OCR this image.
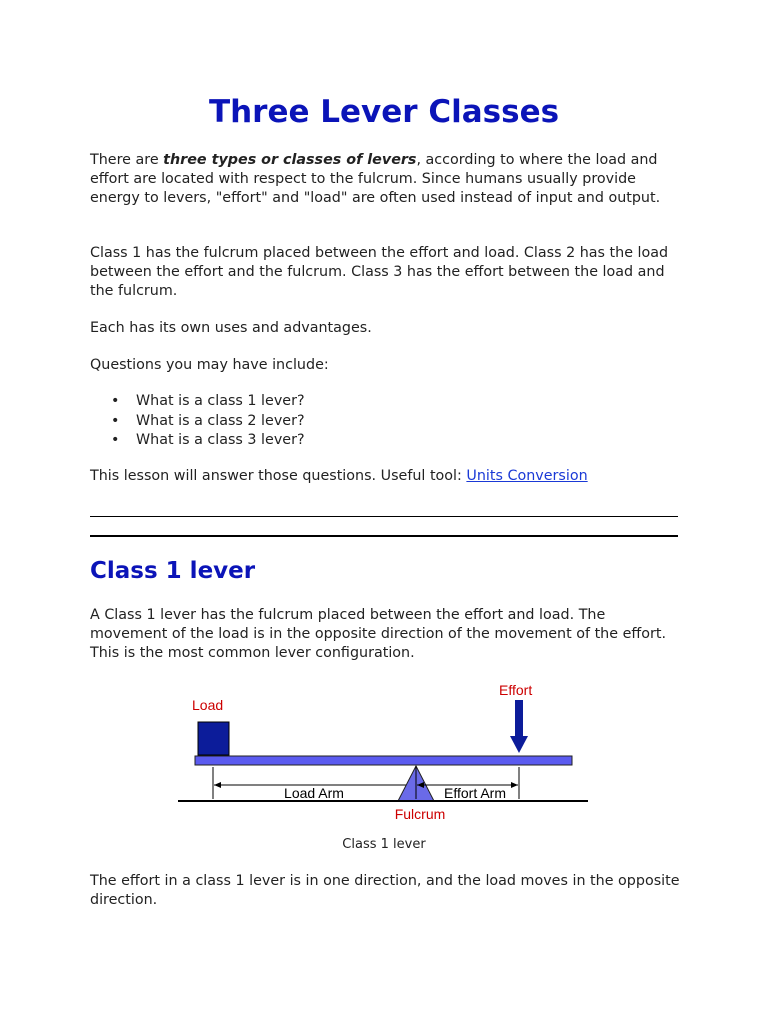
Three Lever Classes

There are three types or classes of levers, according to where the load and effort are located with respect to the fulcrum. Since humans usually provide energy to levers, "effort" and "load" are often used instead of input and output.

Class 1 has the fulcrum placed between the effort and load. Class 2 has the load between the effort and the fulcrum. Class 3 has the effort between the load and the fulcrum.

Each has its own uses and advantages.

Questions you may have include:

• What is a class 1 lever?
• What is a class 2 lever?
• What is a class 3 lever?

This lesson will answer those questions. Useful tool: Units Conversion

Class 1 lever

A Class 1 lever has the fulcrum placed between the effort and load. The movement of the load is in the opposite direction of the movement of the effort. This is the most common lever configuration.

Load
Effort
Load Arm	Effort Arm
Fulcrum
Class 1 lever

The effort in a class 1 lever is in one direction, and the load moves in the opposite direction.
